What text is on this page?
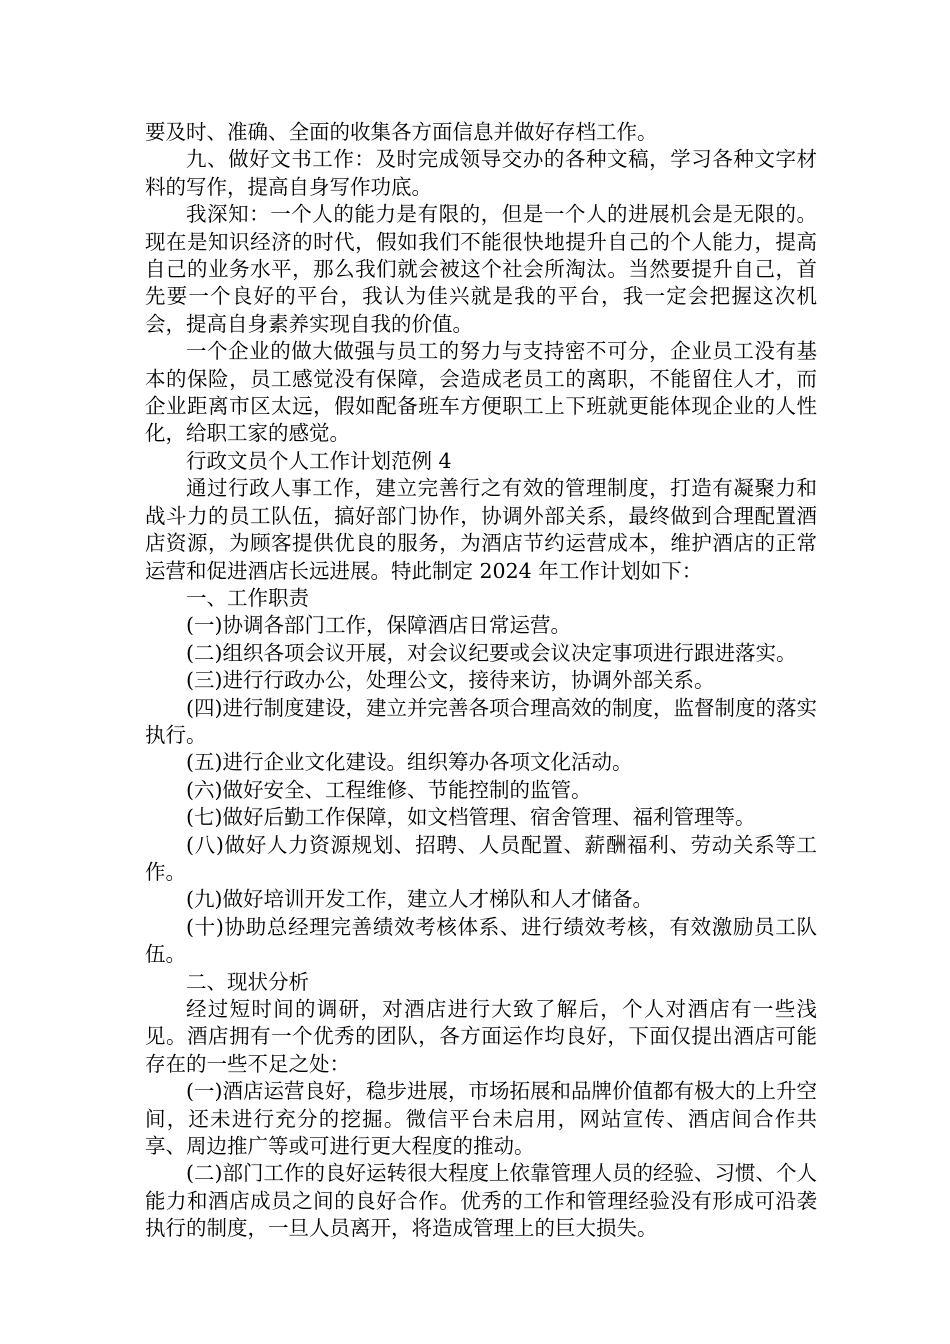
要及时、准确、全面的收集各方面信息并做好存档工作。

九、做好文书工作：及时完成领导交办的各种文稿，学习各种文字材料的写作，提高自身写作功底。

我深知：一个人的能力是有限的，但是一个人的进展机会是无限的。现在是知识经济的时代，假如我们不能很快地提升自己的个人能力，提高自己的业务水平，那么我们就会被这个社会所淘汰。当然要提升自己，首先要一个良好的平台，我认为佳兴就是我的平台，我一定会把握这次机会，提高自身素养实现自我的价值。

一个企业的做大做强与员工的努力与支持密不可分，企业员工没有基本的保险，员工感觉没有保障，会造成老员工的离职，不能留住人才，而企业距离市区太远，假如配备班车方便职工上下班就更能体现企业的人性化，给职工家的感觉。

行政文员个人工作计划范例 4

通过行政人事工作，建立完善行之有效的管理制度，打造有凝聚力和战斗力的员工队伍，搞好部门协作，协调外部关系，最终做到合理配置酒店资源，为顾客提供优良的服务，为酒店节约运营成本，维护酒店的正常运营和促进酒店长远进展。特此制定 2024 年工作计划如下：

一、工作职责

(一)协调各部门工作，保障酒店日常运营。

(二)组织各项会议开展，对会议纪要或会议决定事项进行跟进落实。

(三)进行行政办公，处理公文，接待来访，协调外部关系。

(四)进行制度建设，建立并完善各项合理高效的制度，监督制度的落实执行。

(五)进行企业文化建设。组织筹办各项文化活动。

(六)做好安全、工程维修、节能控制的监管。

(七)做好后勤工作保障，如文档管理、宿舍管理、福利管理等。

(八)做好人力资源规划、招聘、人员配置、薪酬福利、劳动关系等工作。

(九)做好培训开发工作，建立人才梯队和人才储备。

(十)协助总经理完善绩效考核体系、进行绩效考核，有效激励员工队伍。

二、现状分析

经过短时间的调研，对酒店进行大致了解后，个人对酒店有一些浅见。酒店拥有一个优秀的团队，各方面运作均良好，下面仅提出酒店可能存在的一些不足之处：

(一)酒店运营良好，稳步进展，市场拓展和品牌价值都有极大的上升空间，还未进行充分的挖掘。微信平台未启用，网站宣传、酒店间合作共享、周边推广等或可进行更大程度的推动。

(二)部门工作的良好运转很大程度上依靠管理人员的经验、习惯、个人能力和酒店成员之间的良好合作。优秀的工作和管理经验没有形成可沿袭执行的制度，一旦人员离开，将造成管理上的巨大损失。
